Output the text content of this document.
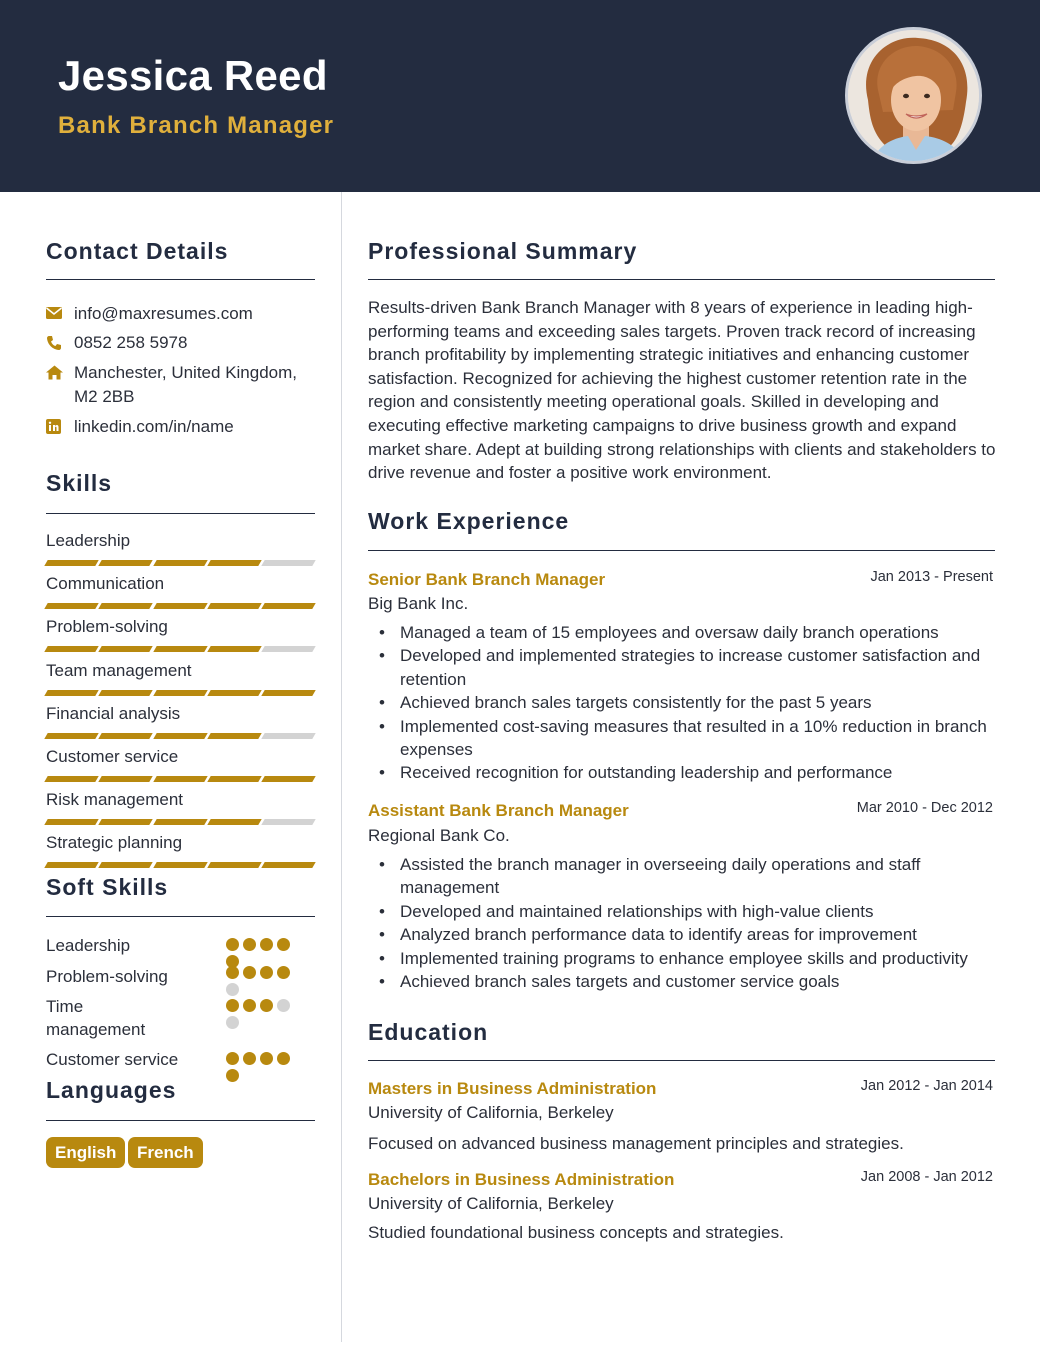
Jessica Reed
Bank Branch Manager
Contact Details
info@maxresumes.com
0852 258 5978
Manchester, United Kingdom,
M2 2BB
linkedin.com/in/name
Skills
Leadership
Communication
Problem-solving
Team management
Financial analysis
Customer service
Risk management
Strategic planning
Soft Skills
Leadership
Problem-solving
Time management
Customer service
Languages
English	French
Professional Summary
Results-driven Bank Branch Manager with 8 years of experience in leading high-performing teams and exceeding sales targets. Proven track record of increasing branch profitability by implementing strategic initiatives and enhancing customer satisfaction. Recognized for achieving the highest customer retention rate in the region and consistently meeting operational goals. Skilled in developing and executing effective marketing campaigns to drive business growth and expand market share. Adept at building strong relationships with clients and stakeholders to drive revenue and foster a positive work environment.
Work Experience
Senior Bank Branch Manager	Jan 2013 - Present
Big Bank Inc.
• Managed a team of 15 employees and oversaw daily branch operations
• Developed and implemented strategies to increase customer satisfaction and retention
• Achieved branch sales targets consistently for the past 5 years
• Implemented cost-saving measures that resulted in a 10% reduction in branch expenses
• Received recognition for outstanding leadership and performance
Assistant Bank Branch Manager	Mar 2010 - Dec 2012
Regional Bank Co.
• Assisted the branch manager in overseeing daily operations and staff management
• Developed and maintained relationships with high-value clients
• Analyzed branch performance data to identify areas for improvement
• Implemented training programs to enhance employee skills and productivity
• Achieved branch sales targets and customer service goals
Education
Masters in Business Administration	Jan 2012 - Jan 2014
University of California, Berkeley
Focused on advanced business management principles and strategies.
Bachelors in Business Administration	Jan 2008 - Jan 2012
University of California, Berkeley
Studied foundational business concepts and strategies.
